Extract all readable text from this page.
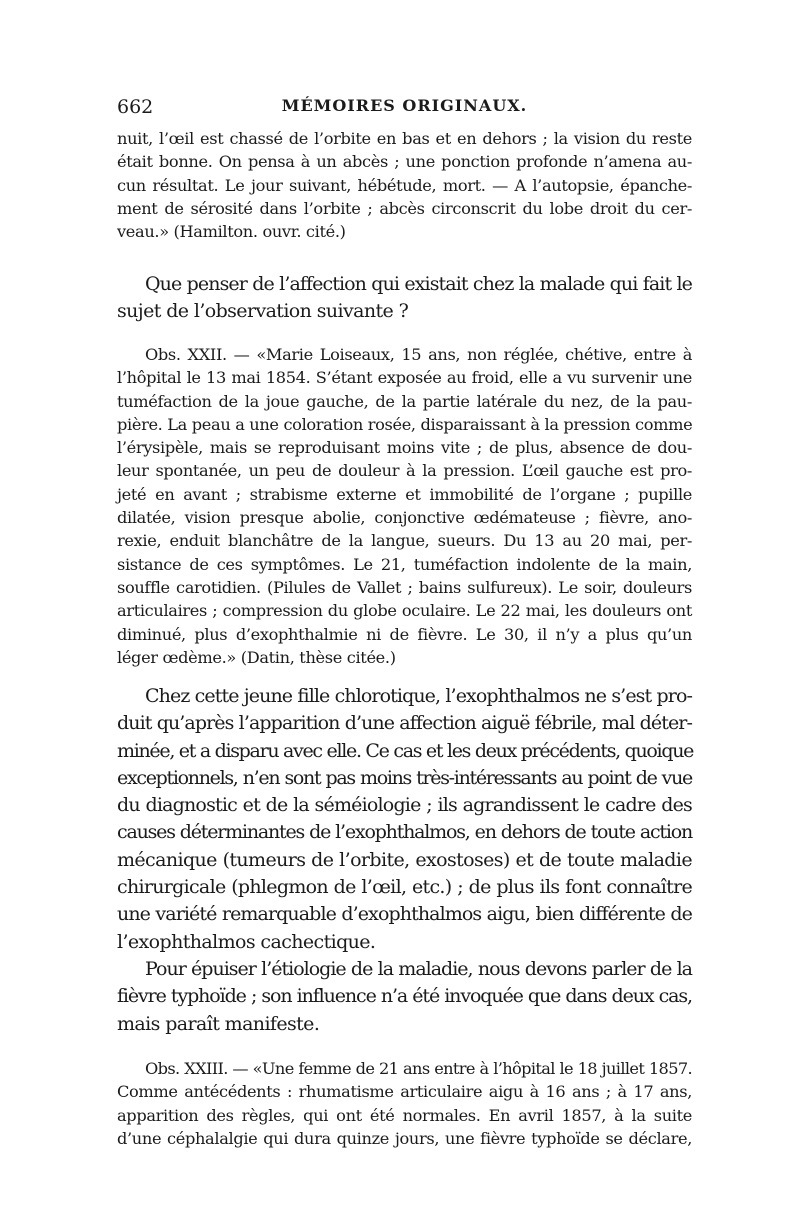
662	MÉMOIRES ORIGINAUX.
nuit, l’œil est chassé de l’orbite en bas et en dehors ; la vision du reste
était bonne. On pensa à un abcès ; une ponction profonde n’amena au-
cun résultat. Le jour suivant, hébétude, mort. — A l’autopsie, épanche-
ment de sérosité dans l’orbite ; abcès circonscrit du lobe droit du cer-
veau.» (Hamilton. ouvr. cité.)
Que penser de l’affection qui existait chez la malade qui fait le
sujet de l’observation suivante ?
Obs. XXII. — «Marie Loiseaux, 15 ans, non réglée, chétive, entre à
l’hôpital le 13 mai 1854. S’étant exposée au froid, elle a vu survenir une
tuméfaction de la joue gauche, de la partie latérale du nez, de la pau-
pière. La peau a une coloration rosée, disparaissant à la pression comme
l’érysipèle, mais se reproduisant moins vite ; de plus, absence de dou-
leur spontanée, un peu de douleur à la pression. L’œil gauche est pro-
jeté en avant ; strabisme externe et immobilité de l’organe ; pupille
dilatée, vision presque abolie, conjonctive œdémateuse ; fièvre, ano-
rexie, enduit blanchâtre de la langue, sueurs. Du 13 au 20 mai, per-
sistance de ces symptômes. Le 21, tuméfaction indolente de la main,
souffle carotidien. (Pilules de Vallet ; bains sulfureux). Le soir, douleurs
articulaires ; compression du globe oculaire. Le 22 mai, les douleurs ont
diminué, plus d’exophthalmie ni de fièvre. Le 30, il n’y a plus qu’un
léger œdème.» (Datin, thèse citée.)
Chez cette jeune fille chlorotique, l’exophthalmos ne s’est pro-
duit qu’après l’apparition d’une affection aiguë fébrile, mal déter-
minée, et a disparu avec elle. Ce cas et les deux précédents, quoique
exceptionnels, n’en sont pas moins très-intéressants au point de vue
du diagnostic et de la séméiologie ; ils agrandissent le cadre des
causes déterminantes de l’exophthalmos, en dehors de toute action
mécanique (tumeurs de l’orbite, exostoses) et de toute maladie
chirurgicale (phlegmon de l’œil, etc.) ; de plus ils font connaître
une variété remarquable d’exophthalmos aigu, bien différente de
l’exophthalmos cachectique.
Pour épuiser l’étiologie de la maladie, nous devons parler de la
fièvre typhoïde ; son influence n’a été invoquée que dans deux cas,
mais paraît manifeste.
Obs. XXIII. — «Une femme de 21 ans entre à l’hôpital le 18 juillet 1857.
Comme antécédents : rhumatisme articulaire aigu à 16 ans ; à 17 ans,
apparition des règles, qui ont été normales. En avril 1857, à la suite
d’une céphalalgie qui dura quinze jours, une fièvre typhoïde se déclare,
